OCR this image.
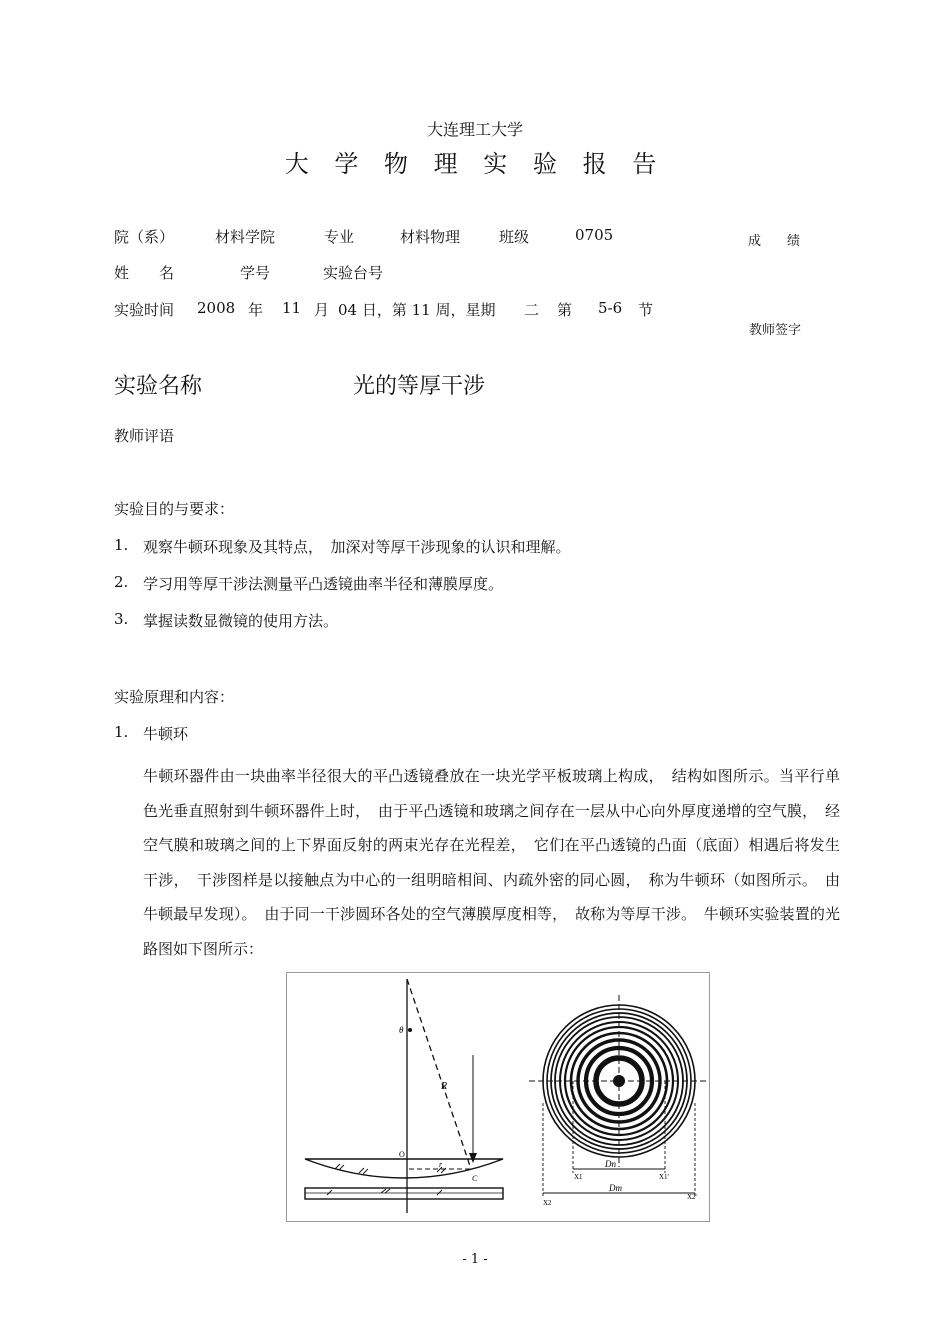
大连理工大学
大 学 物 理 实 验 报 告
院（系）	材料学院	专业	材料物理	班级	0705	成　　绩
姓　　名	学号	实验台号
实验时间 2008 年 11 月 04 日，第 11 周，星期 二 第 5-6 节
教师签字
实验名称	光的等厚干涉
教师评语
实验目的与要求：
1. 观察牛顿环现象及其特点，　加深对等厚干涉现象的认识和理解。
2. 学习用等厚干涉法测量平凸透镜曲率半径和薄膜厚度。
3. 掌握读数显微镜的使用方法。
实验原理和内容：
1. 牛顿环
牛顿环器件由一块曲率半径很大的平凸透镜叠放在一块光学平板玻璃上构成，　结构如图所示。当平行单色光垂直照射到牛顿环器件上时，　由于平凸透镜和玻璃之间存在一层从中心向外厚度递增的空气膜，　经空气膜和玻璃之间的上下界面反射的两束光存在光程差，　它们在平凸透镜的凸面（底面）相遇后将发生干涉，　干涉图样是以接触点为中心的一组明暗相间、内疏外密的同心圆，　称为牛顿环（如图所示。　由牛顿最早发现）。　由于同一干涉圆环各处的空气薄膜厚度相等，　故称为等厚干涉。　牛顿环实验装置的光路图如下图所示：
θ
R
O
r
C
Dn
Dm
X1	X1'
X2
X2'
- 1 -
